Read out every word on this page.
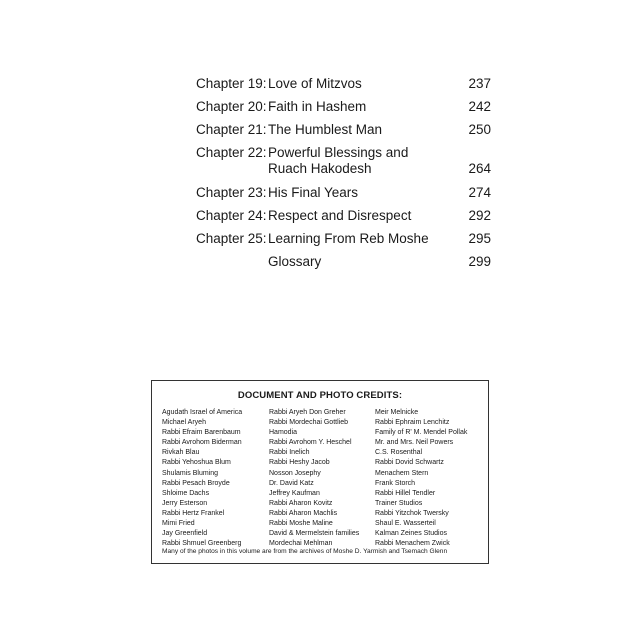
Chapter 19: Love of Mitzvos	237
Chapter 20: Faith in Hashem	242
Chapter 21: The Humblest Man	250
Chapter 22: Powerful Blessings and Ruach Hakodesh	264
Chapter 23: His Final Years	274
Chapter 24: Respect and Disrespect	292
Chapter 25: Learning From Reb Moshe	295
Glossary	299
DOCUMENT AND PHOTO CREDITS:
Agudath Israel of America
Michael Aryeh
Rabbi Efraim Barenbaum
Rabbi Avrohom Biderman
Rivkah Blau
Rabbi Yehoshua Blum
Shulamis Bluming
Rabbi Pesach Broyde
Shloime Dachs
Jerry Esterson
Rabbi Hertz Frankel
Mimi Fried
Jay Greenfield
Rabbi Shmuel Greenberg
Rabbi Aryeh Don Greher
Rabbi Mordechai Gottlieb
Hamodia
Rabbi Avrohom Y. Heschel
Rabbi Inelich
Rabbi Heshy Jacob
Nosson Josephy
Dr. David Katz
Jeffrey Kaufman
Rabbi Aharon Kovitz
Rabbi Aharon Machlis
Rabbi Moshe Maline
David & Mermelstein families
Mordechai Mehlman
Meir Melnicke
Rabbi Ephraim Lenchitz
Family of R' M. Mendel Pollak
Mr. and Mrs. Neil Powers
C.S. Rosenthal
Rabbi Dovid Schwartz
Menachem Stern
Frank Storch
Rabbi Hillel Tendler
Trainer Studios
Rabbi Yitzchok Twersky
Shaul E. Wasserteil
Kalman Zeines Studios
Rabbi Menachem Zwick
Many of the photos in this volume are from the archives of Moshe D. Yarmish and Tsemach Glenn
